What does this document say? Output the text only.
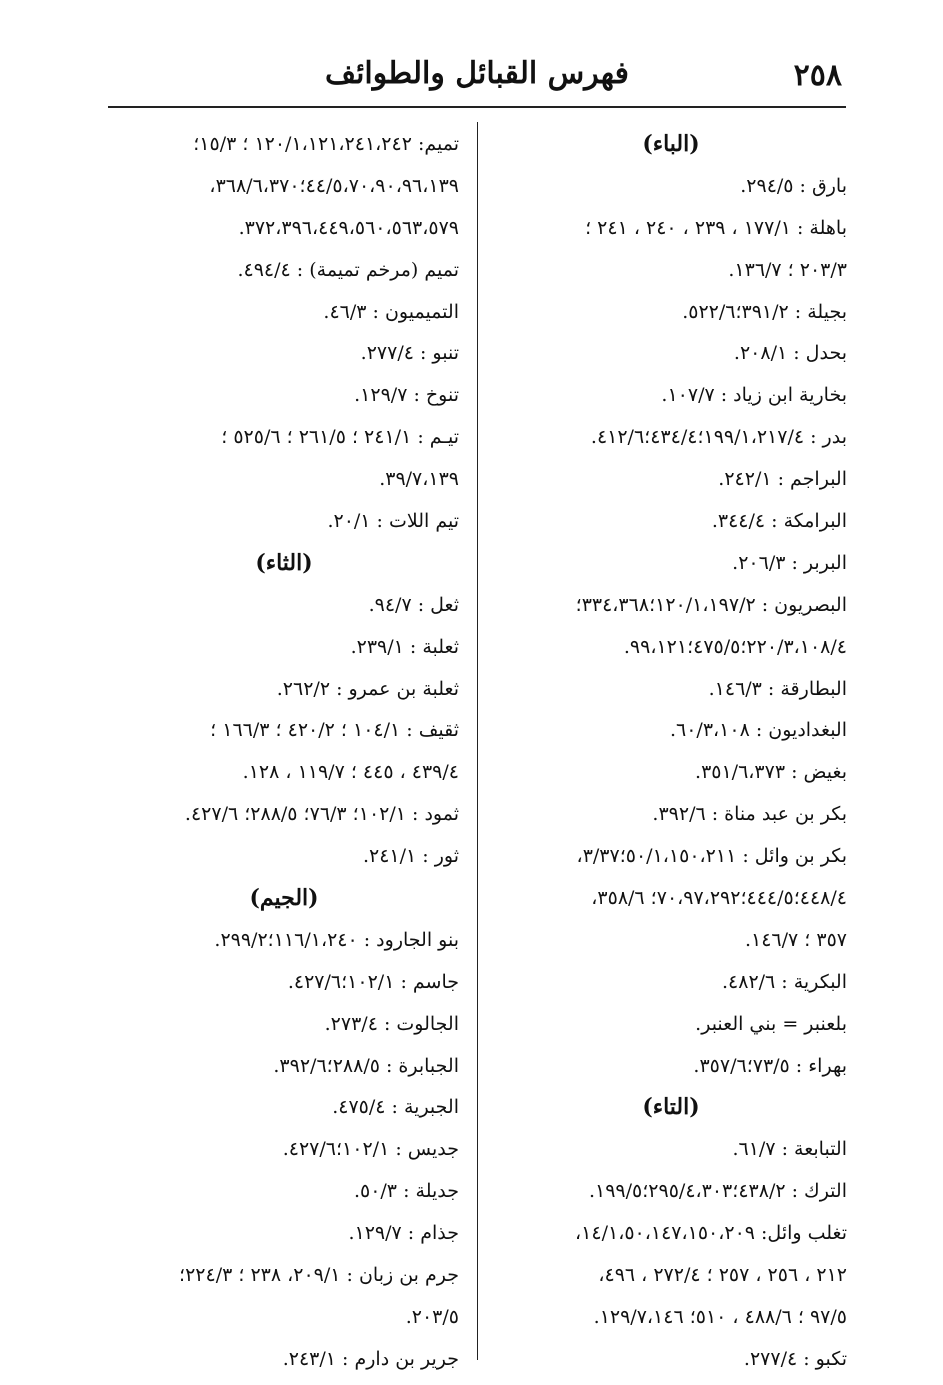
٢٥٨
فهرس القبائل والطوائف
(الباء)
بارق : ٢٩٤/٥.
باهلة : ١٧٧/١ ، ٢٣٩ ، ٢٤٠ ، ٢٤١ ؛
٢٠٣/٣ ؛ ١٣٦/٧.
بجيلة : ٣٩١/٢؛٥٢٢/٦.
بحدل : ٢٠٨/١.
بخارية ابن زياد : ١٠٧/٧.
بدر : ١٩٩/١،٢١٧/٤؛٤٣٤/٤؛٤١٢/٦.
البراجم : ٢٤٢/١.
البرامكة : ٣٤٤/٤.
البربر : ٢٠٦/٣.
البصريون : ١٢٠/١،١٩٧/٢؛٣٣٤،٣٦٨؛
٢٢٠/٣،١٠٨/٤؛٤٧٥/٥؛٩٩،١٢١.
البطارقة : ١٤٦/٣.
البغداديون : ٦٠/٣،١٠٨.
بغيض : ٣٥١/٦،٣٧٣.
بكر بن عبد مناة : ٣٩٢/٦.
بكر بن وائل : ٥٠/١،١٥٠،٢١١؛٣/٣٧،
٤٤٨/٤؛٤٤٤/٥؛٧٠،٩٧،٢٩٢؛ ٣٥٨/٦،
٣٥٧ ؛ ١٤٦/٧.
البكرية : ٤٨٢/٦.
بلعنبر = بني العنبر.
بهراء : ٧٣/٥؛٣٥٧/٦.
(التاء)
التبابعة : ٦١/٧.
الترك : ٤٣٨/٢؛٢٩٥/٤،٣٠٣؛١٩٩/٥.
تغلب وائل: ١٤/١،٥٠،١٤٧،١٥٠،٢٠٩،
٢١٢ ، ٢٥٦ ، ٢٥٧ ؛ ٢٧٢/٤ ، ٤٩٦،
٩٧/٥ ؛ ٤٨٨/٦ ، ٥١٠؛ ١٢٩/٧،١٤٦.
تكبو : ٢٧٧/٤.
تميم: ١٢٠/١،١٢١،٢٤١،٢٤٢ ؛ ١٥/٣؛
٤٤/٥،٧٠،٩٠،٩٦،١٣٩؛٣٦٨/٦،٣٧٠،
٣٧٢،٣٩٦،٤٤٩،٥٦٠،٥٦٣،٥٧٩.
تميم (مرخم تميمة) : ٤٩٤/٤.
التميميون : ٤٦/٣.
تنبو : ٢٧٧/٤.
تنوخ : ١٢٩/٧.
تيـم : ٢٤١/١ ؛ ٢٦١/٥ ؛ ٥٢٥/٦ ؛
٣٩/٧،١٣٩.
تيم اللات : ٢٠/١.
(الثاء)
ثعل : ٩٤/٧.
ثعلبة : ٢٣٩/١.
ثعلبة بن عمرو : ٢٦٢/٢.
ثقيف : ١٠٤/١ ؛ ٤٢٠/٢ ؛ ١٦٦/٣ ؛
٤٣٩/٤ ، ٤٤٥ ؛ ١١٩/٧ ، ١٢٨.
ثمود : ١٠٢/١؛ ٧٦/٣؛ ٢٨٨/٥؛ ٤٢٧/٦.
ثور : ٢٤١/١.
(الجيم)
بنو الجارود : ١١٦/١،٢٤٠؛٢٩٩/٢.
جاسم : ١٠٢/١؛٤٢٧/٦.
الجالوت : ٢٧٣/٤.
الجبابرة : ٢٨٨/٥؛٣٩٢/٦.
الجبرية : ٤٧٥/٤.
جديس : ١٠٢/١؛٤٢٧/٦.
جديلة : ٥٠/٣.
جذام : ١٢٩/٧.
جرم بن زبان : ٢٠٩/١، ٢٣٨ ؛ ٢٢٤/٣؛
٢٠٣/٥.
جرير بن دارم : ٢٤٣/١.
